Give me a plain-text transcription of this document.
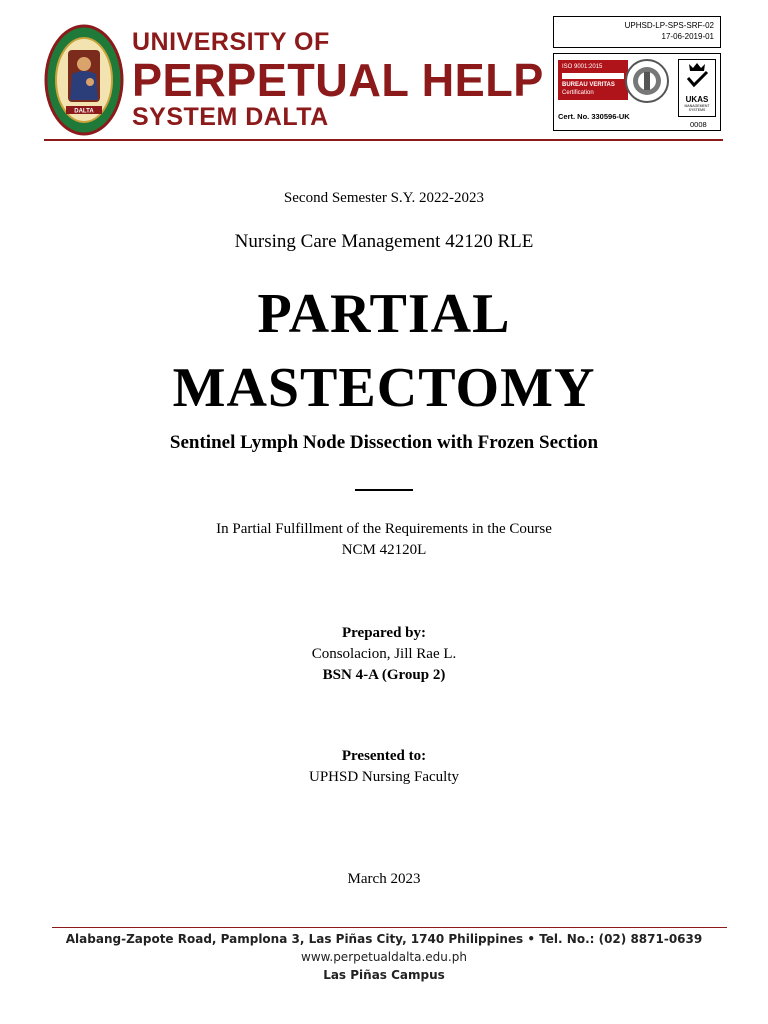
DALTA
UNIVERSITY OF
PERPETUAL HELP
SYSTEM DALTA
UPHSD-LP-SPS-SRF-02
17-06-2019-01
ISO 9001:2015
BUREAU VERITAS
Certification
UKAS
MANAGEMENT SYSTEMS
Cert. No. 330596-UK
0008
Second Semester S.Y. 2022-2023
Nursing Care Management 42120 RLE
PARTIAL
MASTECTOMY
Sentinel Lymph Node Dissection with Frozen Section
In Partial Fulfillment of the Requirements in the Course
NCM 42120L
Prepared by:
Consolacion, Jill Rae L.
BSN 4-A (Group 2)
Presented to:
UPHSD Nursing Faculty
March 2023
Alabang-Zapote Road, Pamplona 3, Las Piñas City, 1740 Philippines • Tel. No.: (02) 8871-0639
www.perpetualdalta.edu.ph
Las Piñas Campus
